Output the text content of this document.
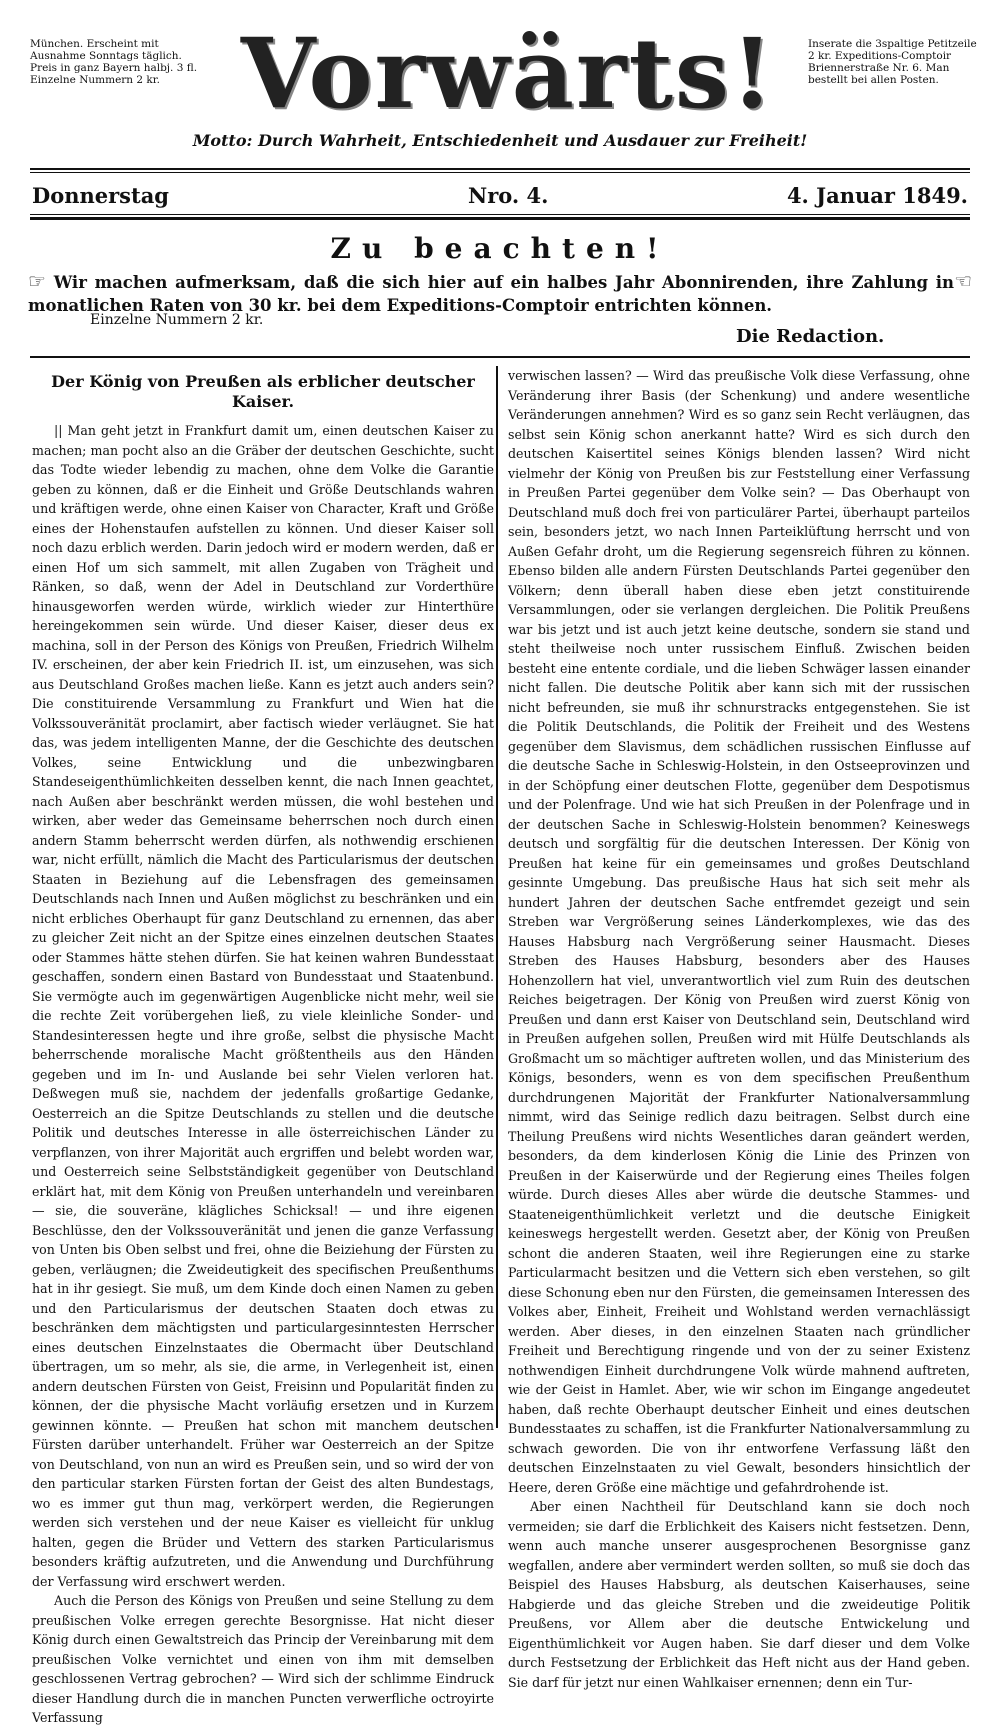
München. Erscheint mit Ausnahme Sonntags täglich. Preis in ganz Bayern halbj. 3 fl. Einzelne Nummern 2 kr. Vorwärts!	Inserate die 3spaltige Petitzeile 2 kr. Expeditions-Comptoir Briennerstraße Nr. 6. Man bestellt bei allen Posten.
Motto: Durch Wahrheit, Entschiedenheit und Ausdauer zur Freiheit!
Donnerstag	Nro. 4.	4. Januar 1849.
Zu beachten!
☞	☜
Wir machen aufmerksam, daß die sich hier auf ein halbes Jahr Abonnirenden, ihre Zahlung in monatlichen Raten von 30 kr. bei dem Expeditions-Comptoir entrichten können.
Einzelne Nummern 2 kr.
Die Redaction.
Der König von Preußen als erblicher deutscher Kaiser.

|| Man geht jetzt in Frankfurt damit um, einen deutschen Kaiser zu machen; man pocht also an die Gräber der deutschen Geschichte, sucht das Todte wieder lebendig zu machen, ohne dem Volke die Garantie geben zu können, daß er die Einheit und Größe Deutschlands wahren und kräftigen werde, ohne einen Kaiser von Character, Kraft und Größe eines der Hohenstaufen aufstellen zu können. Und dieser Kaiser soll noch dazu erblich werden. Darin jedoch wird er modern werden, daß er einen Hof um sich sammelt, mit allen Zugaben von Trägheit und Ränken, so daß, wenn der Adel in Deutschland zur Vorderthüre hinausgeworfen werden würde, wirklich wieder zur Hinterthüre hereingekommen sein würde. Und dieser Kaiser, dieser deus ex machina, soll in der Person des Königs von Preußen, Friedrich Wilhelm IV. erscheinen, der aber kein Friedrich II. ist, um einzusehen, was sich aus Deutschland Großes machen ließe. Kann es jetzt auch anders sein? Die constituirende Versammlung zu Frankfurt und Wien hat die Volkssouveränität proclamirt, aber factisch wieder verläugnet. Sie hat das, was jedem intelligenten Manne, der die Geschichte des deutschen Volkes, seine Entwicklung und die unbezwingbaren Standeseigenthümlichkeiten desselben kennt, die nach Innen geachtet, nach Außen aber beschränkt werden müssen, die wohl bestehen und wirken, aber weder das Gemeinsame beherrschen noch durch einen andern Stamm beherrscht werden dürfen, als nothwendig erschienen war, nicht erfüllt, nämlich die Macht des Particularismus der deutschen Staaten in Beziehung auf die Lebensfragen des gemeinsamen Deutschlands nach Innen und Außen möglichst zu beschränken und ein nicht erbliches Oberhaupt für ganz Deutschland zu ernennen, das aber zu gleicher Zeit nicht an der Spitze eines einzelnen deutschen Staates oder Stammes hätte stehen dürfen. Sie hat keinen wahren Bundesstaat geschaffen, sondern einen Bastard von Bundesstaat und Staatenbund. Sie vermögte auch im gegenwärtigen Augenblicke nicht mehr, weil sie die rechte Zeit vorübergehen ließ, zu viele kleinliche Sonder- und Standesinteressen hegte und ihre große, selbst die physische Macht beherrschende moralische Macht größtentheils aus den Händen gegeben und im In- und Auslande bei sehr Vielen verloren hat. Deßwegen muß sie, nachdem der jedenfalls großartige Gedanke, Oesterreich an die Spitze Deutschlands zu stellen und die deutsche Politik und deutsches Interesse in alle österreichischen Länder zu verpflanzen, von ihrer Majorität auch ergriffen und belebt worden war, und Oesterreich seine Selbstständigkeit gegenüber von Deutschland erklärt hat, mit dem König von Preußen unterhandeln und vereinbaren — sie, die souveräne, klägliches Schicksal! — und ihre eigenen Beschlüsse, den der Volkssouveränität und jenen die ganze Verfassung von Unten bis Oben selbst und frei, ohne die Beiziehung der Fürsten zu geben, verläugnen; die Zweideutigkeit des specifischen Preußenthums hat in ihr gesiegt. Sie muß, um dem Kinde doch einen Namen zu geben und den Particularismus der deutschen Staaten doch etwas zu beschränken dem mächtigsten und particulargesinntesten Herrscher eines deutschen Einzelnstaates die Obermacht über Deutschland übertragen, um so mehr, als sie, die arme, in Verlegenheit ist, einen andern deutschen Fürsten von Geist, Freisinn und Popularität finden zu können, der die physische Macht vorläufig ersetzen und in Kurzem gewinnen könnte. — Preußen hat schon mit manchem deutschen Fürsten darüber unterhandelt. Früher war Oesterreich an der Spitze von Deutschland, von nun an wird es Preußen sein, und so wird der von den particular starken Fürsten fortan der Geist des alten Bundestags, wo es immer gut thun mag, verkörpert werden, die Regierungen werden sich verstehen und der neue Kaiser es vielleicht für unklug halten, gegen die Brüder und Vettern des starken Particularismus besonders kräftig aufzutreten, und die Anwendung und Durchführung der Verfassung wird erschwert werden.

Auch die Person des Königs von Preußen und seine Stellung zu dem preußischen Volke erregen gerechte Besorgnisse. Hat nicht dieser König durch einen Gewaltstreich das Princip der Vereinbarung mit dem preußischen Volke vernichtet und einen von ihm mit demselben geschlossenen Vertrag gebrochen? — Wird sich der schlimme Eindruck dieser Handlung durch die in manchen Puncten verwerfliche octroyirte Verfassung

verwischen lassen? — Wird das preußische Volk diese Verfassung, ohne Veränderung ihrer Basis (der Schenkung) und andere wesentliche Veränderungen annehmen? Wird es so ganz sein Recht verläugnen, das selbst sein König schon anerkannt hatte? Wird es sich durch den deutschen Kaisertitel seines Königs blenden lassen? Wird nicht vielmehr der König von Preußen bis zur Feststellung einer Verfassung in Preußen Partei gegenüber dem Volke sein? — Das Oberhaupt von Deutschland muß doch frei von particulärer Partei, überhaupt parteilos sein, besonders jetzt, wo nach Innen Parteiklüftung herrscht und von Außen Gefahr droht, um die Regierung segensreich führen zu können. Ebenso bilden alle andern Fürsten Deutschlands Partei gegenüber den Völkern; denn überall haben diese eben jetzt constituirende Versammlungen, oder sie verlangen dergleichen. Die Politik Preußens war bis jetzt und ist auch jetzt keine deutsche, sondern sie stand und steht theilweise noch unter russischem Einfluß. Zwischen beiden besteht eine entente cordiale, und die lieben Schwäger lassen einander nicht fallen. Die deutsche Politik aber kann sich mit der russischen nicht befreunden, sie muß ihr schnurstracks entgegenstehen. Sie ist die Politik Deutschlands, die Politik der Freiheit und des Westens gegenüber dem Slavismus, dem schädlichen russischen Einflusse auf die deutsche Sache in Schleswig-Holstein, in den Ostseeprovinzen und in der Schöpfung einer deutschen Flotte, gegenüber dem Despotismus und der Polenfrage. Und wie hat sich Preußen in der Polenfrage und in der deutschen Sache in Schleswig-Holstein benommen? Keineswegs deutsch und sorgfältig für die deutschen Interessen. Der König von Preußen hat keine für ein gemeinsames und großes Deutschland gesinnte Umgebung. Das preußische Haus hat sich seit mehr als hundert Jahren der deutschen Sache entfremdet gezeigt und sein Streben war Vergrößerung seines Länderkomplexes, wie das des Hauses Habsburg nach Vergrößerung seiner Hausmacht. Dieses Streben des Hauses Habsburg, besonders aber des Hauses Hohenzollern hat viel, unverantwortlich viel zum Ruin des deutschen Reiches beigetragen. Der König von Preußen wird zuerst König von Preußen und dann erst Kaiser von Deutschland sein, Deutschland wird in Preußen aufgehen sollen, Preußen wird mit Hülfe Deutschlands als Großmacht um so mächtiger auftreten wollen, und das Ministerium des Königs, besonders, wenn es von dem specifischen Preußenthum durchdrungenen Majorität der Frankfurter Nationalversammlung nimmt, wird das Seinige redlich dazu beitragen. Selbst durch eine Theilung Preußens wird nichts Wesentliches daran geändert werden, besonders, da dem kinderlosen König die Linie des Prinzen von Preußen in der Kaiserwürde und der Regierung eines Theiles folgen würde. Durch dieses Alles aber würde die deutsche Stammes- und Staateneigenthümlichkeit verletzt und die deutsche Einigkeit keineswegs hergestellt werden. Gesetzt aber, der König von Preußen schont die anderen Staaten, weil ihre Regierungen eine zu starke Particularmacht besitzen und die Vettern sich eben verstehen, so gilt diese Schonung eben nur den Fürsten, die gemeinsamen Interessen des Volkes aber, Einheit, Freiheit und Wohlstand werden vernachlässigt werden. Aber dieses, in den einzelnen Staaten nach gründlicher Freiheit und Berechtigung ringende und von der zu seiner Existenz nothwendigen Einheit durchdrungene Volk würde mahnend auftreten, wie der Geist in Hamlet. Aber, wie wir schon im Eingange angedeutet haben, daß rechte Oberhaupt deutscher Einheit und eines deutschen Bundesstaates zu schaffen, ist die Frankfurter Nationalversammlung zu schwach geworden. Die von ihr entworfene Verfassung läßt den deutschen Einzelnstaaten zu viel Gewalt, besonders hinsichtlich der Heere, deren Größe eine mächtige und gefahrdrohende ist.

Aber einen Nachtheil für Deutschland kann sie doch noch vermeiden; sie darf die Erblichkeit des Kaisers nicht festsetzen. Denn, wenn auch manche unserer ausgesprochenen Besorgnisse ganz wegfallen, andere aber vermindert werden sollten, so muß sie doch das Beispiel des Hauses Habsburg, als deutschen Kaiserhauses, seine Habgierde und das gleiche Streben und die zweideutige Politik Preußens, vor Allem aber die deutsche Entwickelung und Eigenthümlichkeit vor Augen haben. Sie darf dieser und dem Volke durch Festsetzung der Erblichkeit das Heft nicht aus der Hand geben. Sie darf für jetzt nur einen Wahlkaiser ernennen; denn ein Tur-
